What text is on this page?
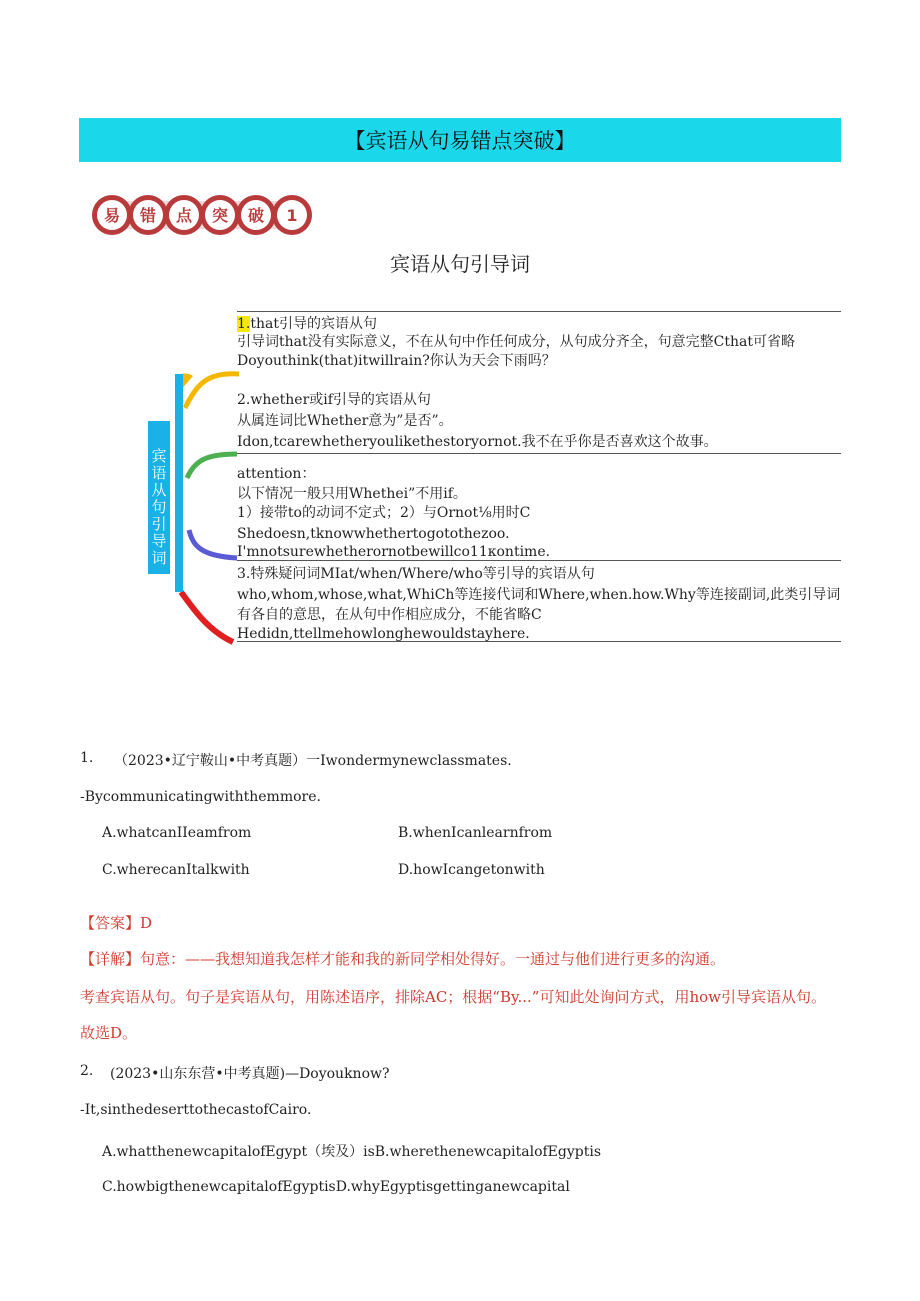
【宾语从句易错点突破】
易 错 点 突 破 1
宾语从句引导词
宾语从句引导词
1.that引导的宾语从句
引导词that没有实际意义，不在从句中作任何成分，从句成分齐全，句意完整Cthat可省略
Doyouthink(that)itwillrain?你认为天会下雨吗？
2.whether或if引导的宾语从句
从属连词比Whether意为”是否”。
Idon,tcarewhetheryoulikethestoryornot.我不在乎你是否喜欢这个故事。
attention：
以下情况一般只用Whethei”不用if。
1）接带to的动词不定式；2）与Ornot⅛用时C
Shedoesn,tknowwhethertogotothezoo.
I'mnotsurewhetherornotbewillco11κontime.
3.特殊疑问词MIat/when/Where/who等引导的宾语从句
who,whom,whose,what,WhiCh等连接代词和Where,when.how.Why等连接副词,此类引导词
有各自的意思，在从句中作相应成分，不能省略C
Hedidn,ttellmehowlonghewouldstayhere.
1. （2023•辽宁鞍山•中考真题）一Iwondermynewclassmates.
-Bycommunicatingwiththemmore.
A.whatcanIIeamfrom	B.whenIcanlearnfrom
C.wherecanItalkwith	D.howIcangetonwith
【答案】D
【详解】句意：——我想知道我怎样才能和我的新同学相处得好。一通过与他们进行更多的沟通。
考查宾语从句。句子是宾语从句，用陈述语序，排除AC；根据“By...”可知此处询问方式，用how引导宾语从句。
故选D。
2. (2023•山东东营•中考真题)—Doyouknow?
-It,sinthedeserttothecastofCairo.
A.whatthenewcapitalofEgypt（埃及）isB.wherethenewcapitalofEgyptis
C.howbigthenewcapitalofEgyptisD.whyEgyptisgettinganewcapital
